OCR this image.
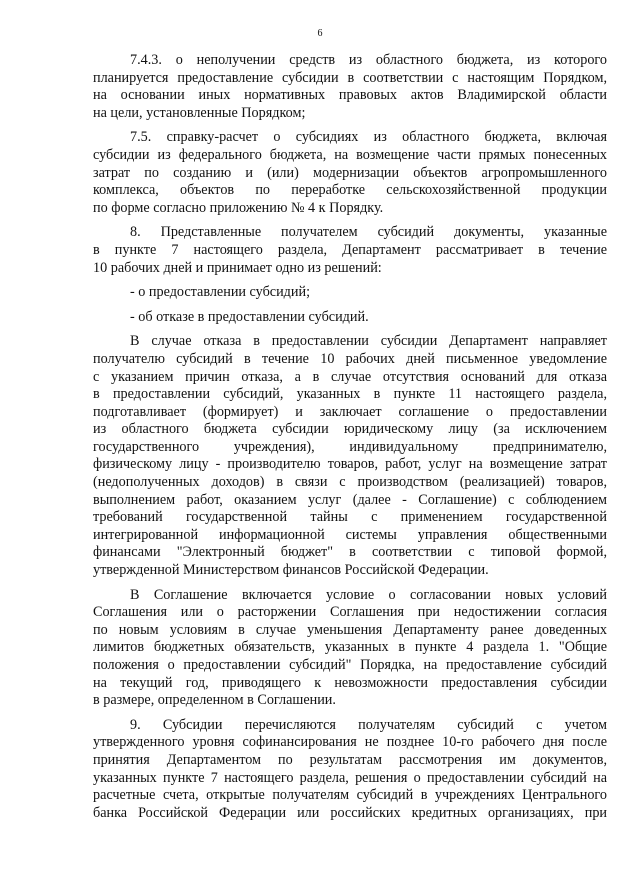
6
7.4.3. о неполучении средств из областного бюджета, из которого
планируется предоставление субсидии в соответствии с настоящим Порядком,
на основании иных нормативных правовых актов Владимирской области
на цели, установленные Порядком;
7.5. справку-расчет о субсидиях из областного бюджета, включая
субсидии из федерального бюджета, на возмещение части прямых понесенных
затрат по созданию и (или) модернизации объектов агропромышленного
комплекса, объектов по переработке сельскохозяйственной продукции
по форме согласно приложению № 4 к Порядку.
8. Представленные получателем субсидий документы, указанные
в пункте 7 настоящего раздела, Департамент рассматривает в течение
10 рабочих дней и принимает одно из решений:
- о предоставлении субсидий;
- об отказе в предоставлении субсидий.
В случае отказа в предоставлении субсидии Департамент направляет
получателю субсидий в течение 10 рабочих дней письменное уведомление
с указанием причин отказа, а в случае отсутствия оснований для отказа
в предоставлении субсидий, указанных в пункте 11 настоящего раздела,
подготавливает (формирует) и заключает соглашение о предоставлении
из областного бюджета субсидии юридическому лицу (за исключением
государственного учреждения), индивидуальному предпринимателю,
физическому лицу - производителю товаров, работ, услуг на возмещение затрат
(недополученных доходов) в связи с производством (реализацией) товаров,
выполнением работ, оказанием услуг (далее - Соглашение) с соблюдением
требований государственной тайны с применением государственной
интегрированной информационной системы управления общественными
финансами "Электронный бюджет" в соответствии с типовой формой,
утвержденной Министерством финансов Российской Федерации.
В Соглашение включается условие о согласовании новых условий
Соглашения или о расторжении Соглашения при недостижении согласия
по новым условиям в случае уменьшения Департаменту ранее доведенных
лимитов бюджетных обязательств, указанных в пункте 4 раздела 1. "Общие
положения о предоставлении субсидий" Порядка, на предоставление субсидий
на текущий год, приводящего к невозможности предоставления субсидии
в размере, определенном в Соглашении.
9. Субсидии перечисляются получателям субсидий с учетом
утвержденного уровня софинансирования не позднее 10-го рабочего дня после
принятия Департаментом по результатам рассмотрения им документов,
указанных пункте 7 настоящего раздела, решения о предоставлении субсидий на
расчетные счета, открытые получателям субсидий в учреждениях Центрального
банка Российской Федерации или российских кредитных организациях, при
